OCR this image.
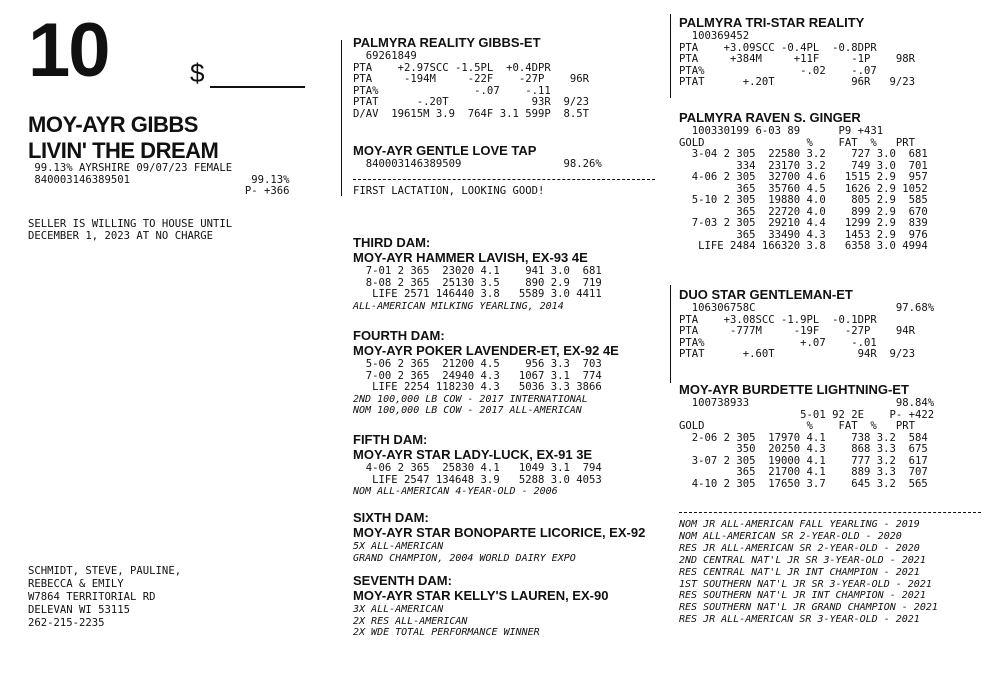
10	$
MOY-AYR GIBBS
LIVIN' THE DREAM
99.13% AYRSHIRE 09/07/23 FEMALE
840003146389501                   99.13%
P- +366
SELLER IS WILLING TO HOUSE UNTIL
DECEMBER 1, 2023 AT NO CHARGE
SCHMIDT, STEVE, PAULINE,
REBECCA & EMILY
W7864 TERRITORIAL RD
DELEVAN WI 53115
262-215-2235
PALMYRA REALITY GIBBS-ET
69261849
PTA    +2.97SCC -1.5PL  +0.4DPR
PTA     -194M     -22F    -27P    96R
PTA%               -.07    -.11
PTAT      -.20T             93R  9/23
D/AV  19615M 3.9  764F 3.1 599P  8.5T
MOY-AYR GENTLE LOVE TAP
840003146389509                98.26%
FIRST LACTATION, LOOKING GOOD!
THIRD DAM:
MOY-AYR HAMMER LAVISH, EX-93 4E
7-01 2 365  23020 4.1    941 3.0  681
8-08 2 365  25130 3.5    890 2.9  719
LIFE 2571 146440 3.8   5589 3.0 4411
ALL-AMERICAN MILKING YEARLING, 2014
FOURTH DAM:
MOY-AYR POKER LAVENDER-ET, EX-92 4E
5-06 2 365  21200 4.5    956 3.3  703
7-00 2 365  24940 4.3   1067 3.1  774
LIFE 2254 118230 4.3   5036 3.3 3866
2ND 100,000 LB COW - 2017 INTERNATIONAL
NOM 100,000 LB COW - 2017 ALL-AMERICAN
FIFTH DAM:
MOY-AYR STAR LADY-LUCK, EX-91 3E
4-06 2 365  25830 4.1   1049 3.1  794
LIFE 2547 134648 3.9   5288 3.0 4053
NOM ALL-AMERICAN 4-YEAR-OLD - 2006
SIXTH DAM:
MOY-AYR STAR BONOPARTE LICORICE, EX-92
5X ALL-AMERICAN
GRAND CHAMPION, 2004 WORLD DAIRY EXPO
SEVENTH DAM:
MOY-AYR STAR KELLY'S LAUREN, EX-90
3X ALL-AMERICAN
2X RES ALL-AMERICAN
2X WDE TOTAL PERFORMANCE WINNER
PALMYRA TRI-STAR REALITY
100369452
PTA    +3.09SCC -0.4PL  -0.8DPR
PTA     +384M     +11F     -1P    98R
PTA%               -.02    -.07
PTAT      +.20T            96R   9/23
PALMYRA RAVEN S. GINGER
100330199 6-03 89      P9 +431
GOLD                %    FAT  %   PRT
3-04 2 305  22580 3.2    727 3.0  681
334  23170 3.2    749 3.0  701
4-06 2 305  32700 4.6   1515 2.9  957
365  35760 4.5   1626 2.9 1052
5-10 2 305  19880 4.0    805 2.9  585
365  22720 4.0    899 2.9  670
7-03 2 305  29210 4.4   1299 2.9  839
365  33490 4.3   1453 2.9  976
LIFE 2484 166320 3.8   6358 3.0 4994
DUO STAR GENTLEMAN-ET
106306758C                      97.68%
PTA    +3.08SCC -1.9PL  -0.1DPR
PTA     -777M     -19F    -27P    94R
PTA%               +.07    -.01
PTAT      +.60T             94R  9/23
MOY-AYR BURDETTE LIGHTNING-ET
100738933                       98.84%
5-01 92 2E    P- +422
GOLD                %    FAT  %   PRT
2-06 2 305  17970 4.1    738 3.2  584
350  20250 4.3    868 3.3  675
3-07 2 305  19000 4.1    777 3.2  617
365  21700 4.1    889 3.3  707
4-10 2 305  17650 3.7    645 3.2  565
NOM JR ALL-AMERICAN FALL YEARLING - 2019
NOM ALL-AMERICAN SR 2-YEAR-OLD - 2020
RES JR ALL-AMERICAN SR 2-YEAR-OLD - 2020
2ND CENTRAL NAT'L JR SR 3-YEAR-OLD - 2021
RES CENTRAL NAT'L JR INT CHAMPION - 2021
1ST SOUTHERN NAT'L JR SR 3-YEAR-OLD - 2021
RES SOUTHERN NAT'L JR INT CHAMPION - 2021
RES SOUTHERN NAT'L JR GRAND CHAMPION - 2021
RES JR ALL-AMERICAN SR 3-YEAR-OLD - 2021
